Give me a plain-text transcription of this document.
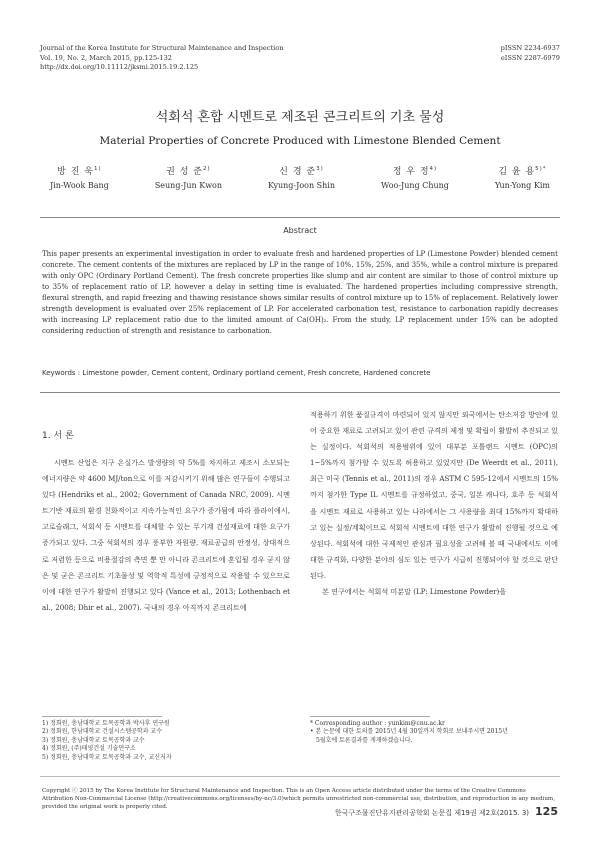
Journal of the Korea Institute for Structural Maintenance and Inspection
Vol. 19, No. 2, March 2015, pp.125-132
http://dx.doi.org/10.11112/jksmi.2015.19.2.125
pISSN 2234-6937
eISSN 2287-6979
석회석 혼합 시멘트로 제조된 콘크리트의 기초 물성
Material Properties of Concrete Produced with Limestone Blended Cement
방 진 욱$^{1)}$
Jin-Wook Bang
권 성 준$^{2)}$
Seung-Jun Kwon
신 경 준$^{3)}$
Kyung-Joon Shin
정 우 정$^{4)}$
Woo-Jung Chung
김 윤 용$^{5)*}$
Yun-Yong Kim
Abstract
This paper presents an experimental investigation in order to evaluate fresh and hardened properties of LP (Limestone Powder) blended cement concrete. The cement contents of the mixtures are replaced by LP in the range of 10%, 15%, 25%, and 35%, while a control mixture is prepared with only OPC (Ordinary Portland Cement). The fresh concrete properties like slump and air content are similar to those of control mixture up to 35% of replacement ratio of LP, however a delay in setting time is evaluated. The hardened properties including compressive strength, flexural strength, and rapid freezing and thawing resistance shows similar results of control mixture up to 15% of replacement. Relatively lower strength development is evaluated over 25% replacement of LP. For accelerated carbonation test, resistance to carbonation rapidly decreases with increasing LP replacement ratio due to the limited amount of Ca(OH)₂. From the study, LP replacement under 15% can be adopted considering reduction of strength and resistance to carbonation.
Keywords : Limestone powder, Cement content, Ordinary portland cement, Fresh concrete, Hardened concrete
1. 서 론
시멘트 산업은 지구 온실가스 발생량의 약 5%를 차지하고 제조시 소모되는 에너지량은 약 4600 MJ/ton으로 이를 저감시키기 위해 많은 연구들이 수행되고 있다 (Hendriks et al., 2002; Government of Canada NRC, 2009). 시멘트기반 재료의 환경 친화적이고 지속가능적인 요구가 증가됨에 따라 플라이애시, 고로슬래그, 석회석 등 시멘트를 대체할 수 있는 무기계 건설재료에 대한 요구가 증가되고 있다. 그중 석회석의 경우 풍부한 자원량, 재료공급의 안정성, 상대적으로 저렴한 등으로 비용절감의 측면 뿐 만 아니라 콘크리트에 혼입될 경우 굳지 않은 및 굳은 콘크리트 기초물성 및 역학적 특성에 긍정적으로 작용할 수 있으므로 이에 대한 연구가 활발히 진행되고 있다 (Vance et al., 2013; Lothenbach et al., 2008; Dhir et al., 2007). 국내의 경우 아직까지 콘크리트에
적용하기 위한 품질규격이 마련되어 있지 않지만 외국에서는 탄소저감 방안에 있어 중요한 재료로 고려되고 있어 관련 규격의 제정 및 확립이 활발히 추진되고 있는 실정이다. 석회석의 적용범위에 있어 대부분 포틀랜드 시멘트 (OPC)의 1~5%까지 첨가할 수 있도록 허용하고 있었지만 (De Weerdt et al., 2011), 최근 미국 (Tennis et al., 2011)의 경우 ASTM C 595-12에서 시멘트의 15%까지 첨가한 Type IL 시멘트를 규정하였고, 중국, 일본 캐나다, 호주 등 석회석을 시멘트 재료로 사용하고 있는 나라에서는 그 사용량을 최대 15%까지 확대하고 있는 실정/계획이므로 석회석 시멘트에 대한 연구가 활발히 진행될 것으로 예상된다. 석회석에 대한 국제적인 관심과 필요성을 고려해 볼 때 국내에서도 이에 대한 규격화, 다양한 분야의 심도 있는 연구가 시급히 진행되어야 할 것으로 판단된다.
본 연구에서는 석회석 미분말 (LP: Limestone Powder)을
1) 정회원, 충남대학교 토목공학과 박사후 연구원
2) 정회원, 한남대학교 건설시스템공학과 교수
3) 정회원, 충남대학교 토목공학과 교수
4) 정회원, (주)태영건설 기술연구소
5) 정회원, 충남대학교 토목공학과 교수, 교신저자
* Corresponding author : yunkim@cnu.ac.kr
• 본 논문에 대한 토의를 2015년 4월 30일까지 학회로 보내주시면 2015년
5월호에 토론결과를 게재하겠습니다.
Copyright ⓒ 2015 by The Korea Institute for Structural Maintenance and Inspection. This is an Open Access article distributed under the terms of the Creative Commons Attribution Non-Commercial License (http://creativecommons.org/licenses/by-nc/3.0)which permits unrestricted non-commercial use, distribution, and reproduction in any medium, provided the original work is properly cited.
한국구조물진단유지관리공학회 논문집 제19권 제2호(2015. 3) 125
